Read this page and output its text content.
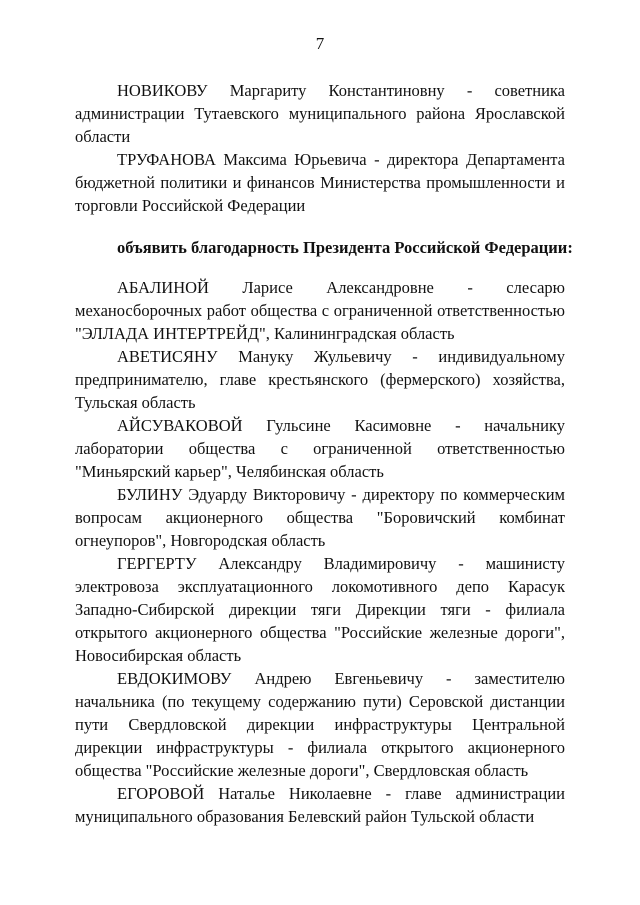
7

НОВИКОВУ Маргариту Константиновну - советника администрации Тутаевского муниципального района Ярославской области

ТРУФАНОВА Максима Юрьевича - директора Департамента бюджетной политики и финансов Министерства промышленности и торговли Российской Федерации

объявить благодарность Президента Российской Федерации:

АБАЛИНОЙ Ларисе Александровне - слесарю механосборочных работ общества с ограниченной ответственностью "ЭЛЛАДА ИНТЕРТРЕЙД", Калининградская область

АВЕТИСЯНУ Мануку Жульевичу - индивидуальному предпринимателю, главе крестьянского (фермерского) хозяйства, Тульская область

АЙСУВАКОВОЙ Гульсине Касимовне - начальнику лаборатории общества с ограниченной ответственностью "Миньярский карьер", Челябинская область

БУЛИНУ Эдуарду Викторовичу - директору по коммерческим вопросам акционерного общества "Боровичский комбинат огнеупоров", Новгородская область

ГЕРГЕРТУ Александру Владимировичу - машинисту электровоза эксплуатационного локомотивного депо Карасук Западно-Сибирской дирекции тяги Дирекции тяги - филиала открытого акционерного общества "Российские железные дороги", Новосибирская область

ЕВДОКИМОВУ Андрею Евгеньевичу - заместителю начальника (по текущему содержанию пути) Серовской дистанции пути Свердловской дирекции инфраструктуры Центральной дирекции инфраструктуры - филиала открытого акционерного общества "Российские железные дороги", Свердловская область

ЕГОРОВОЙ Наталье Николаевне - главе администрации муниципального образования Белевский район Тульской области
